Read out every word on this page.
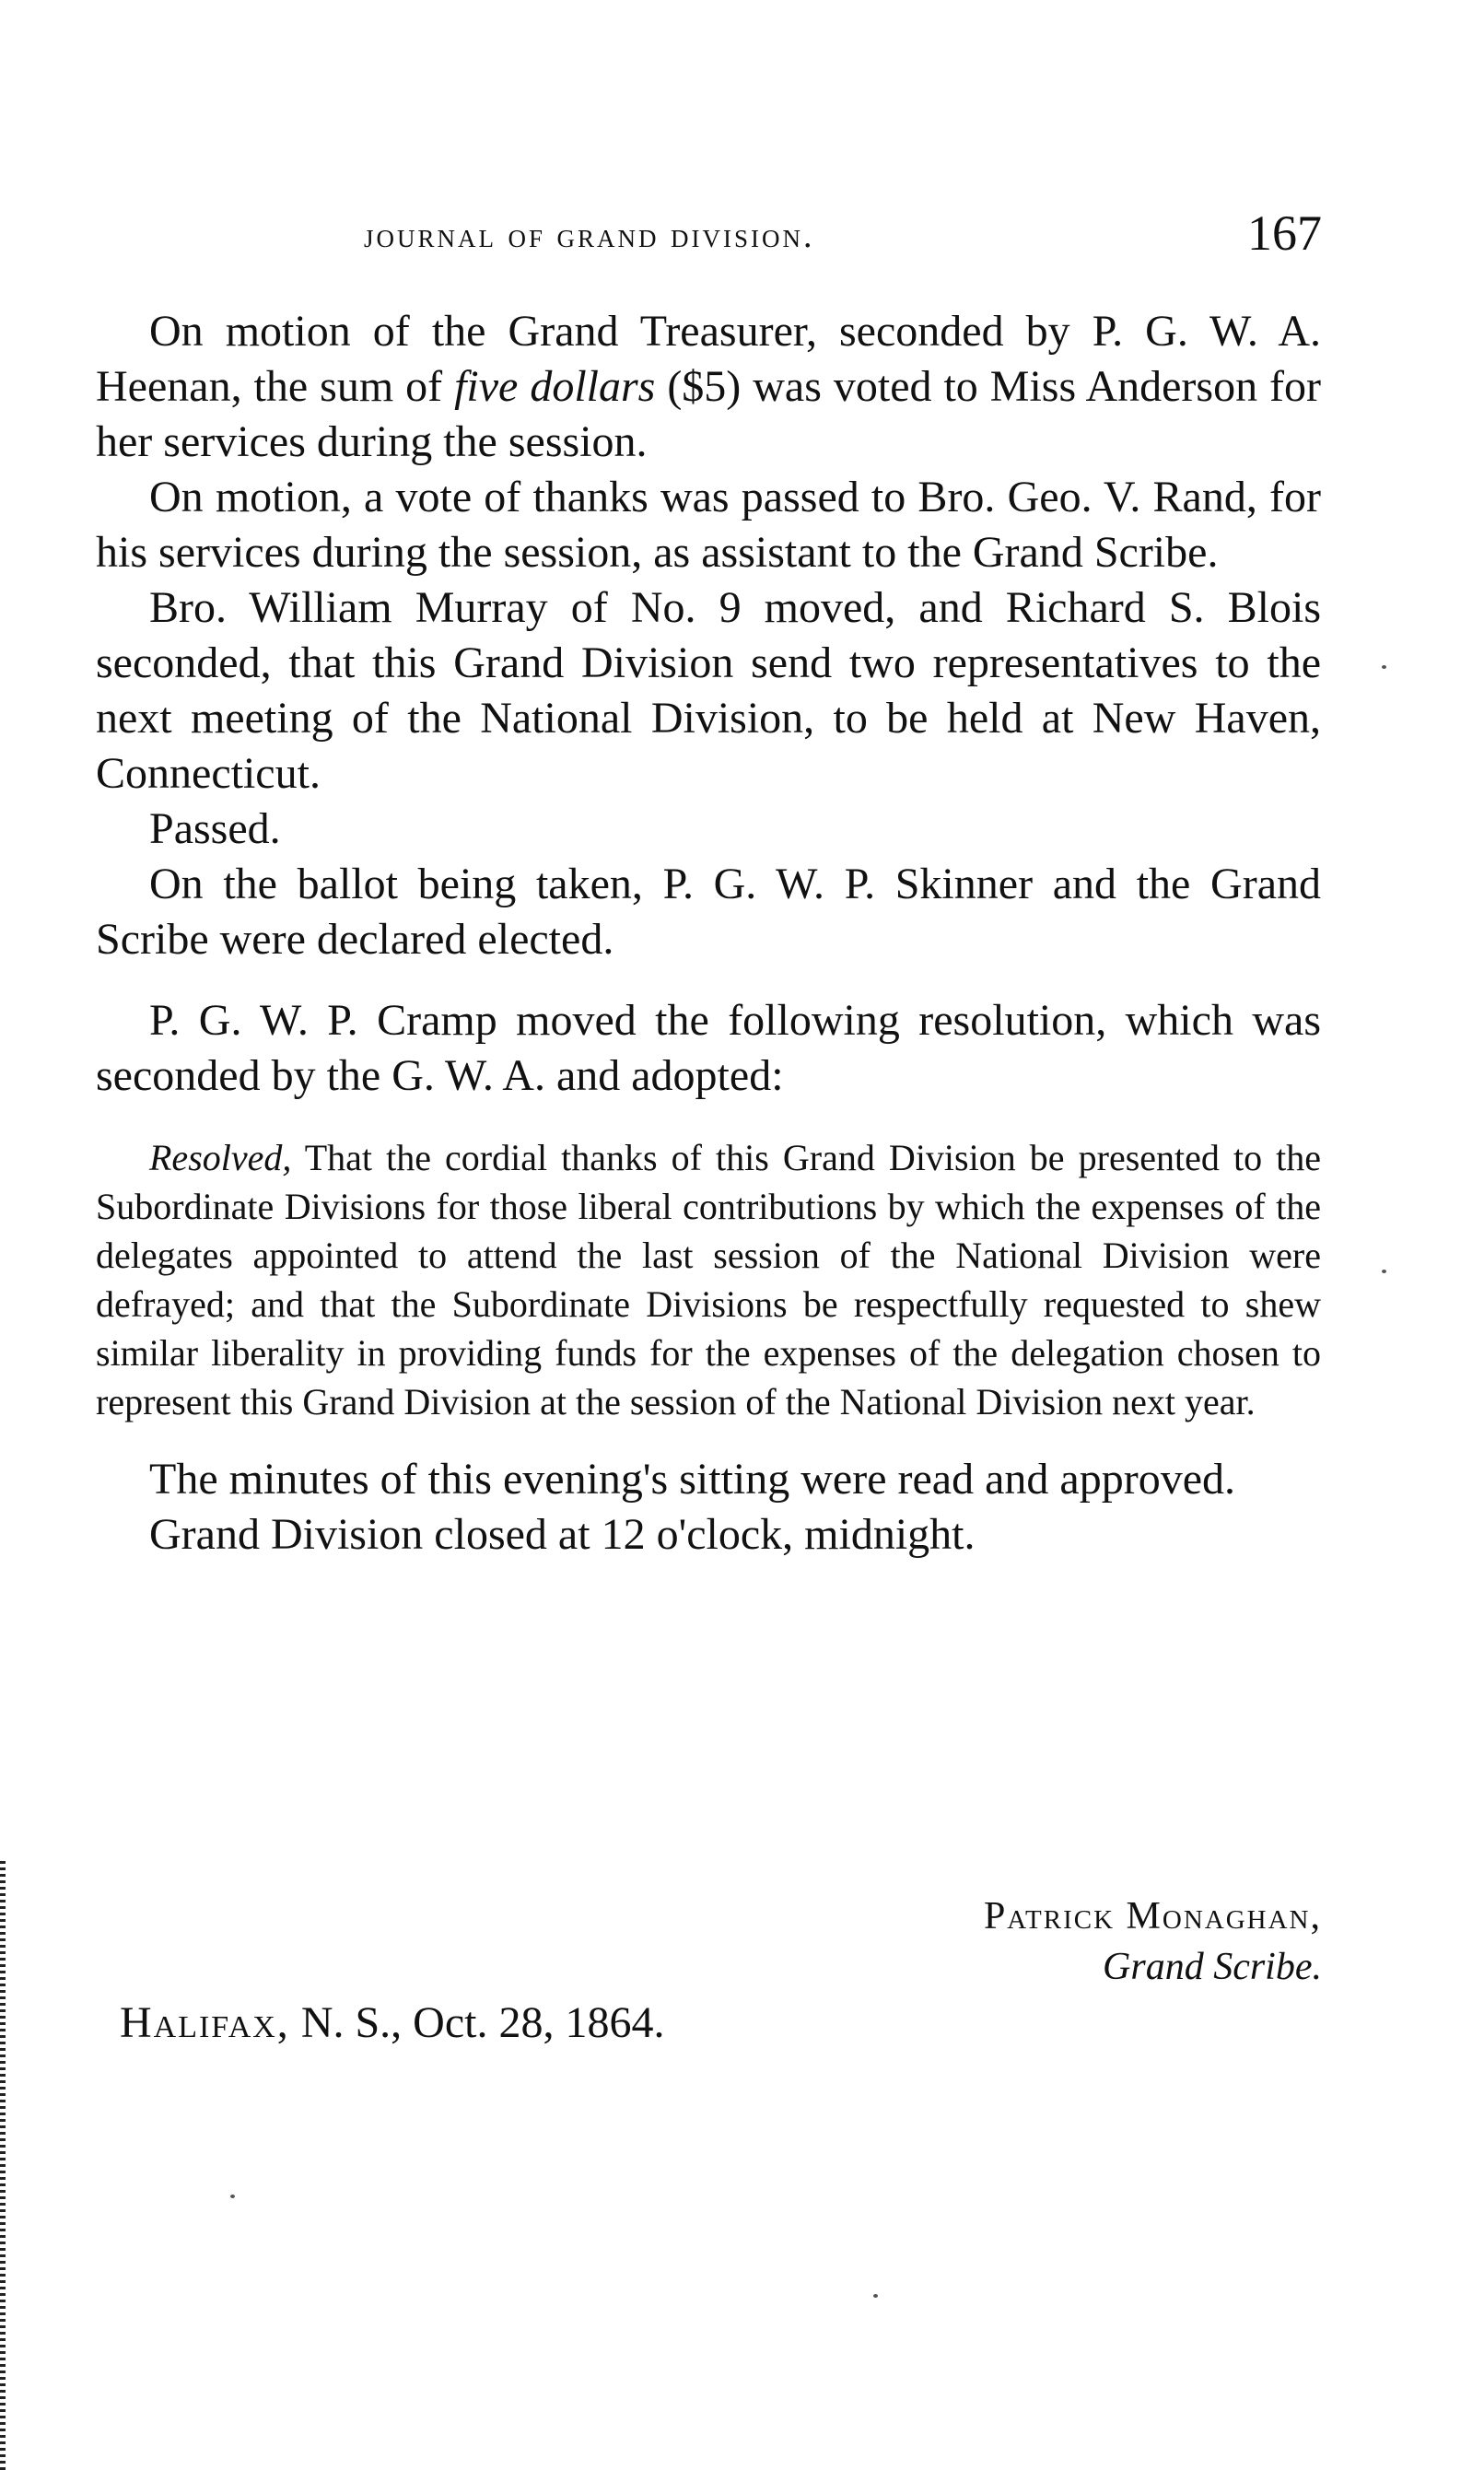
journal of grand division.	167

On motion of the Grand Treasurer, seconded by P. G. W. A. Heenan, the sum of five dollars ($5) was voted to Miss Anderson for her services during the session.

On motion, a vote of thanks was passed to Bro. Geo. V. Rand, for his services during the session, as assistant to the Grand Scribe.

Bro. William Murray of No. 9 moved, and Richard S. Blois seconded, that this Grand Division send two representatives to the next meeting of the National Division, to be held at New Haven, Connecticut.

Passed.

On the ballot being taken, P. G. W. P. Skinner and the Grand Scribe were declared elected.

P. G. W. P. Cramp moved the following resolution, which was seconded by the G. W. A. and adopted:

Resolved, That the cordial thanks of this Grand Division be presented to the Subordinate Divisions for those liberal contributions by which the expenses of the delegates appointed to attend the last session of the National Division were defrayed; and that the Subordinate Divisions be respectfully requested to shew similar liberality in providing funds for the expenses of the delegation chosen to represent this Grand Division at the session of the National Division next year.

The minutes of this evening's sitting were read and approved.

Grand Division closed at 12 o'clock, midnight.

Patrick Monaghan,
Grand Scribe.
Halifax, N. S., Oct. 28, 1864.
